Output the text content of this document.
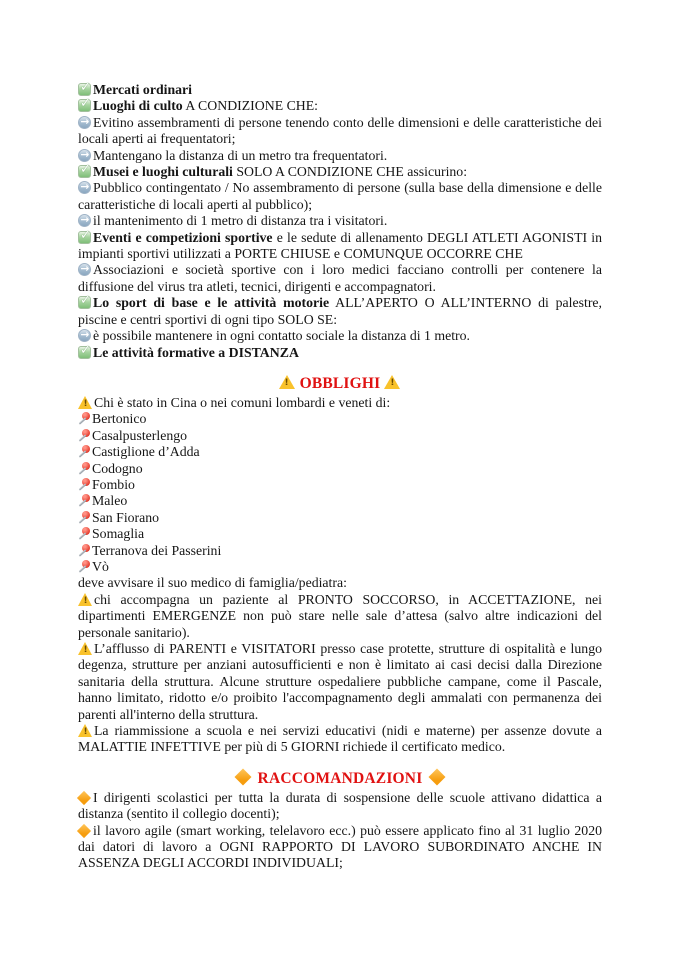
✓Mercati ordinari

✓Luoghi di culto A CONDIZIONE CHE:

→Evitino assembramenti di persone tenendo conto delle dimensioni e delle caratteristiche dei locali aperti ai frequentatori;

→Mantengano la distanza di un metro tra frequentatori.

✓Musei e luoghi culturali SOLO A CONDIZIONE CHE assicurino:

→Pubblico contingentato / No assembramento di persone (sulla base della dimensione e delle caratteristiche di locali aperti al pubblico);

→il mantenimento di 1 metro di distanza tra i visitatori.

✓Eventi e competizioni sportive e le sedute di allenamento DEGLI ATLETI AGONISTI in impianti sportivi utilizzati a PORTE CHIUSE e COMUNQUE OCCORRE CHE

→Associazioni e società sportive con i loro medici facciano controlli per contenere la diffusione del virus tra atleti, tecnici, dirigenti e accompagnatori.

✓Lo sport di base e le attività motorie ALL’APERTO O ALL’INTERNO di palestre, piscine e centri sportivi di ogni tipo SOLO SE:

→è possibile mantenere in ogni contatto sociale la distanza di 1 metro.

✓Le attività formative a DISTANZA

!OBBLIGHI!

!Chi è stato in Cina o nei comuni lombardi e veneti di:

Bertonico

Casalpusterlengo

Castiglione d’Adda

Codogno

Fombio

Maleo

San Fiorano

Somaglia

Terranova dei Passerini

Vò

deve avvisare il suo medico di famiglia/pediatra:

!chi accompagna un paziente al PRONTO SOCCORSO, in ACCETTAZIONE, nei dipartimenti EMERGENZE non può stare nelle sale d’attesa (salvo altre indicazioni del personale sanitario).

!L’afflusso di PARENTI e VISITATORI presso case protette, strutture di ospitalità e lungo degenza, strutture per anziani autosufficienti e non è limitato ai casi decisi dalla Direzione sanitaria della struttura. Alcune strutture ospedaliere pubbliche campane, come il Pascale, hanno limitato, ridotto e/o proibito l'accompagnamento degli ammalati con permanenza dei parenti all'interno della struttura.

!La riammissione a scuola e nei servizi educativi (nidi e materne) per assenze dovute a MALATTIE INFETTIVE per più di 5 GIORNI richiede il certificato medico.

RACCOMANDAZIONI

I dirigenti scolastici per tutta la durata di sospensione delle scuole attivano didattica a distanza (sentito il collegio docenti);

il lavoro agile (smart working, telelavoro ecc.) può essere applicato fino al 31 luglio 2020 dai datori di lavoro a OGNI RAPPORTO DI LAVORO SUBORDINATO ANCHE IN ASSENZA DEGLI ACCORDI INDIVIDUALI;
